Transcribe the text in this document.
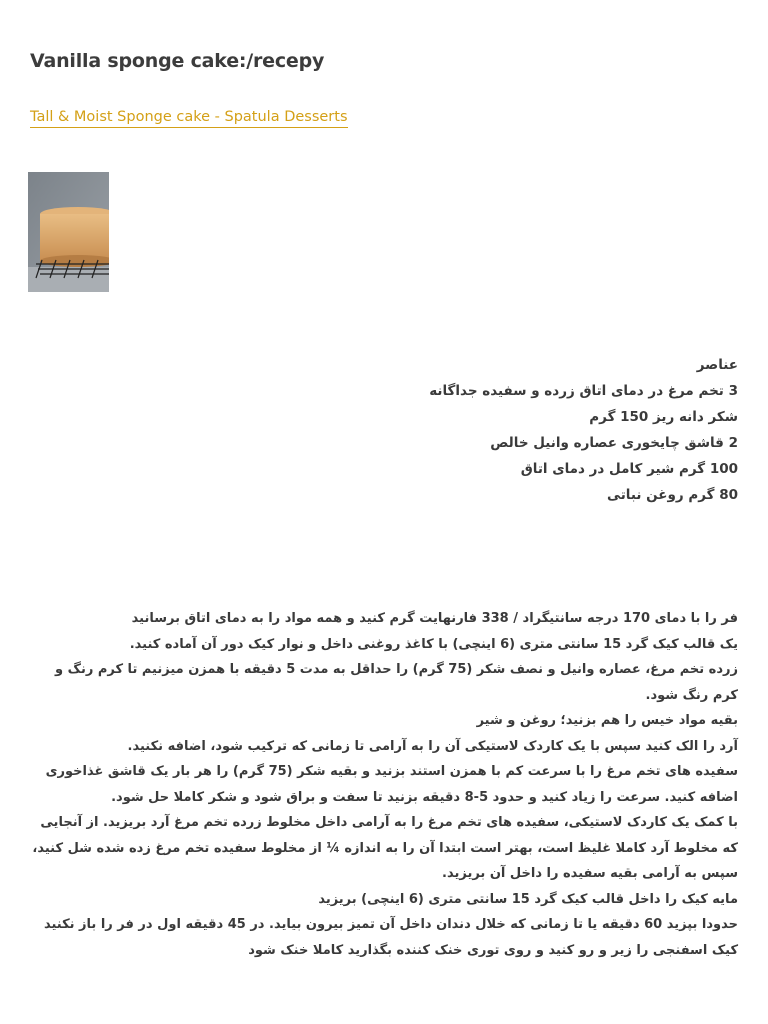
Vanilla sponge cake:/recepy
Tall & Moist Sponge cake - Spatula Desserts
عناصر
3 تخم مرغ در دمای اتاق زرده و سفیده جداگانه
شکر دانه ریز 150 گرم
2 قاشق چایخوری عصاره وانیل خالص
100 گرم شیر کامل در دمای اتاق
80 گرم روغن نباتی
فر را با دمای 170 درجه سانتیگراد / 338 فارنهایت گرم کنید و همه مواد را به دمای اتاق برسانید
یک قالب کیک گرد 15 سانتی متری (6 اینچی) با کاغذ روغنی داخل و نوار کیک دور آن آماده کنید.
زرده تخم مرغ، عصاره وانیل و نصف شکر (75 گرم) را حداقل به مدت 5 دقیقه با همزن میزنیم تا کرم رنگ و کرم رنگ شود.
بقیه مواد خیس را هم بزنید؛ روغن و شیر
آرد را الک کنید سپس با یک کاردک لاستیکی آن را به آرامی تا زمانی که ترکیب شود، اضافه نکنید.
سفیده های تخم مرغ را با سرعت کم با همزن استند بزنید و بقیه شکر (75 گرم) را هر بار یک قاشق غذاخوری اضافه کنید. سرعت را زیاد کنید و حدود 5-8 دقیقه بزنید تا سفت و براق شود و شکر کاملا حل شود.
با کمک یک کاردک لاستیکی، سفیده های تخم مرغ را به آرامی داخل مخلوط زرده تخم مرغ آرد بریزید. از آنجایی که مخلوط آرد کاملا غلیظ است، بهتر است ابتدا آن را به اندازه ¼ از مخلوط سفیده تخم مرغ زده شده شل کنید، سپس به آرامی بقیه سفیده را داخل آن بریزید.
مایه کیک را داخل قالب کیک گرد 15 سانتی متری (6 اینچی) بریزید
حدودا بپزید 60 دقیقه یا تا زمانی که خلال دندان داخل آن تمیز بیرون بیاید. در 45 دقیقه اول در فر را باز نکنید کیک اسفنجی را زیر و رو کنید و روی توری خنک کننده بگذارید کاملا خنک شود
